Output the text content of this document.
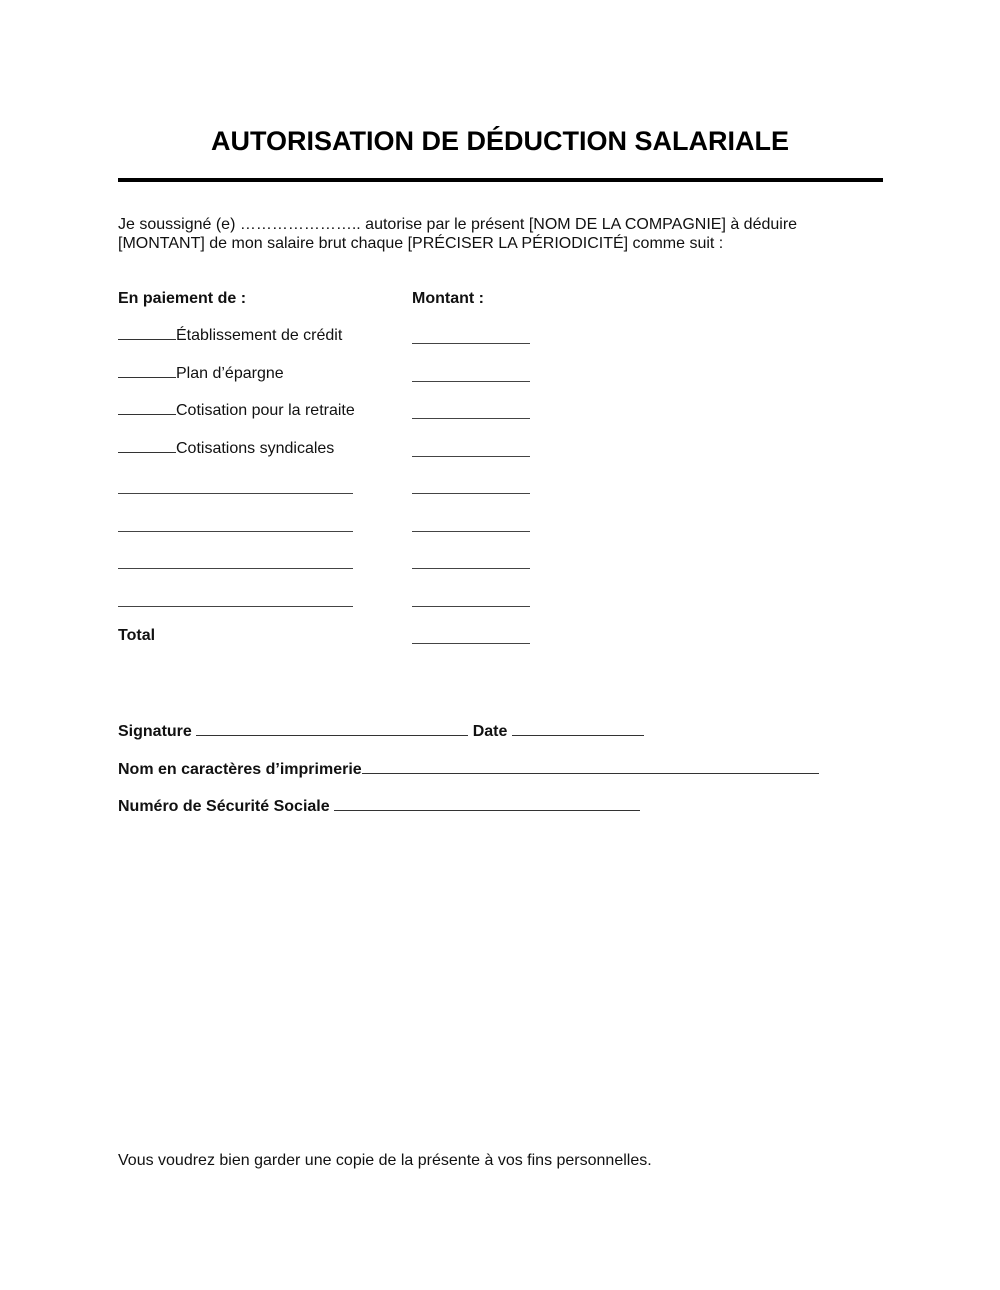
AUTORISATION DE DÉDUCTION SALARIALE
Je soussigné (e) ………………….. autorise par le présent [NOM DE LA COMPAGNIE] à déduire
[MONTANT] de mon salaire brut chaque [PRÉCISER LA PÉRIODICITÉ] comme suit :
En paiement de :	Montant :
Établissement de crédit
Plan d’épargne
Cotisation pour la retraite
Cotisations syndicales
Total
Signature	Date
Nom en caractères d’imprimerie
Numéro de Sécurité Sociale
Vous voudrez bien garder une copie de la présente à vos fins personnelles.
